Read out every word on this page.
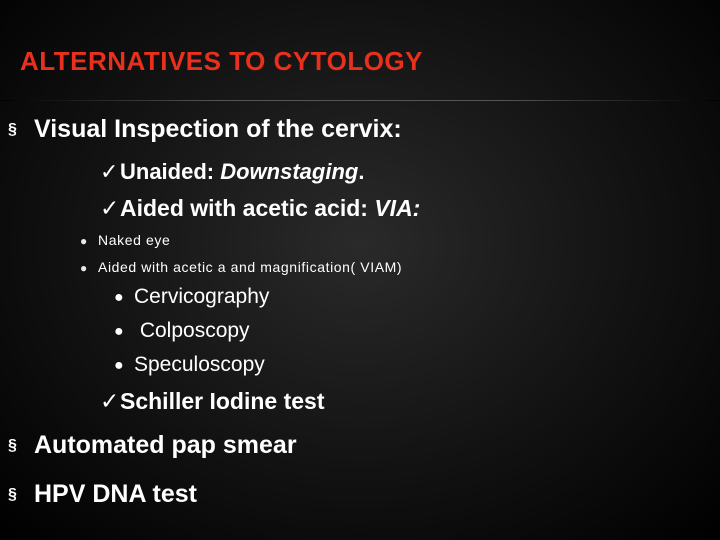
ALTERNATIVES TO CYTOLOGY
§ Visual Inspection of the cervix:
✓Unaided: Downstaging.
✓Aided with acetic acid: VIA:
● Naked eye
● Aided with acetic a and magnification( VIAM)
● Cervicography
● Colposcopy
● Speculoscopy
✓Schiller Iodine test
§ Automated pap smear
§ HPV DNA test
